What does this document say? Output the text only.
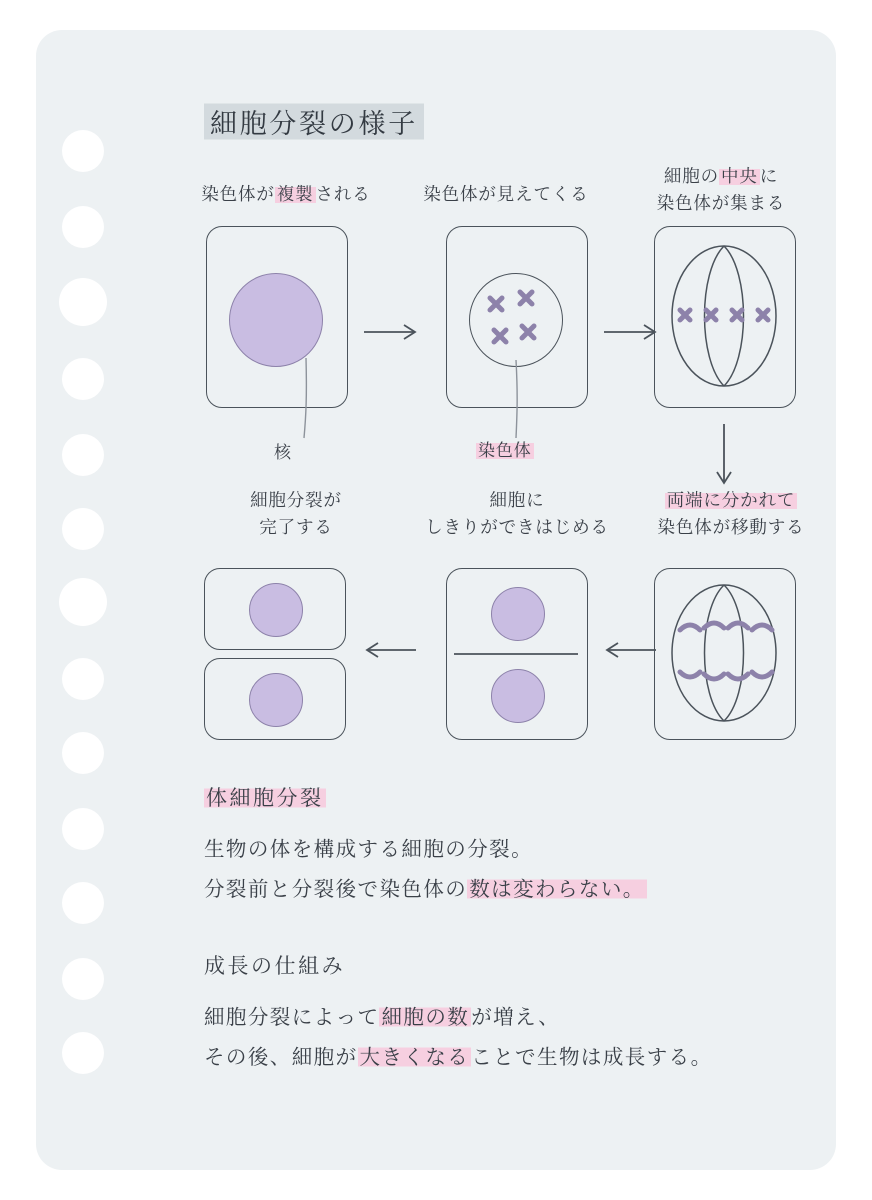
細胞分裂の様子
染色体が 複製 される	染色体が見えてくる
細胞の 中央 に
染色体が集まる
核	染色体
細胞分裂が
完了する
細胞に
しきりができはじめる
両端に分かれて
染色体が移動する
体細胞分裂
生物の体を構成する細胞の分裂。
分裂前と分裂後で染色体の数は変わらない。
成長の仕組み
細胞分裂によって細胞の数が増え、
その後、細胞が大きくなることで生物は成長する。
